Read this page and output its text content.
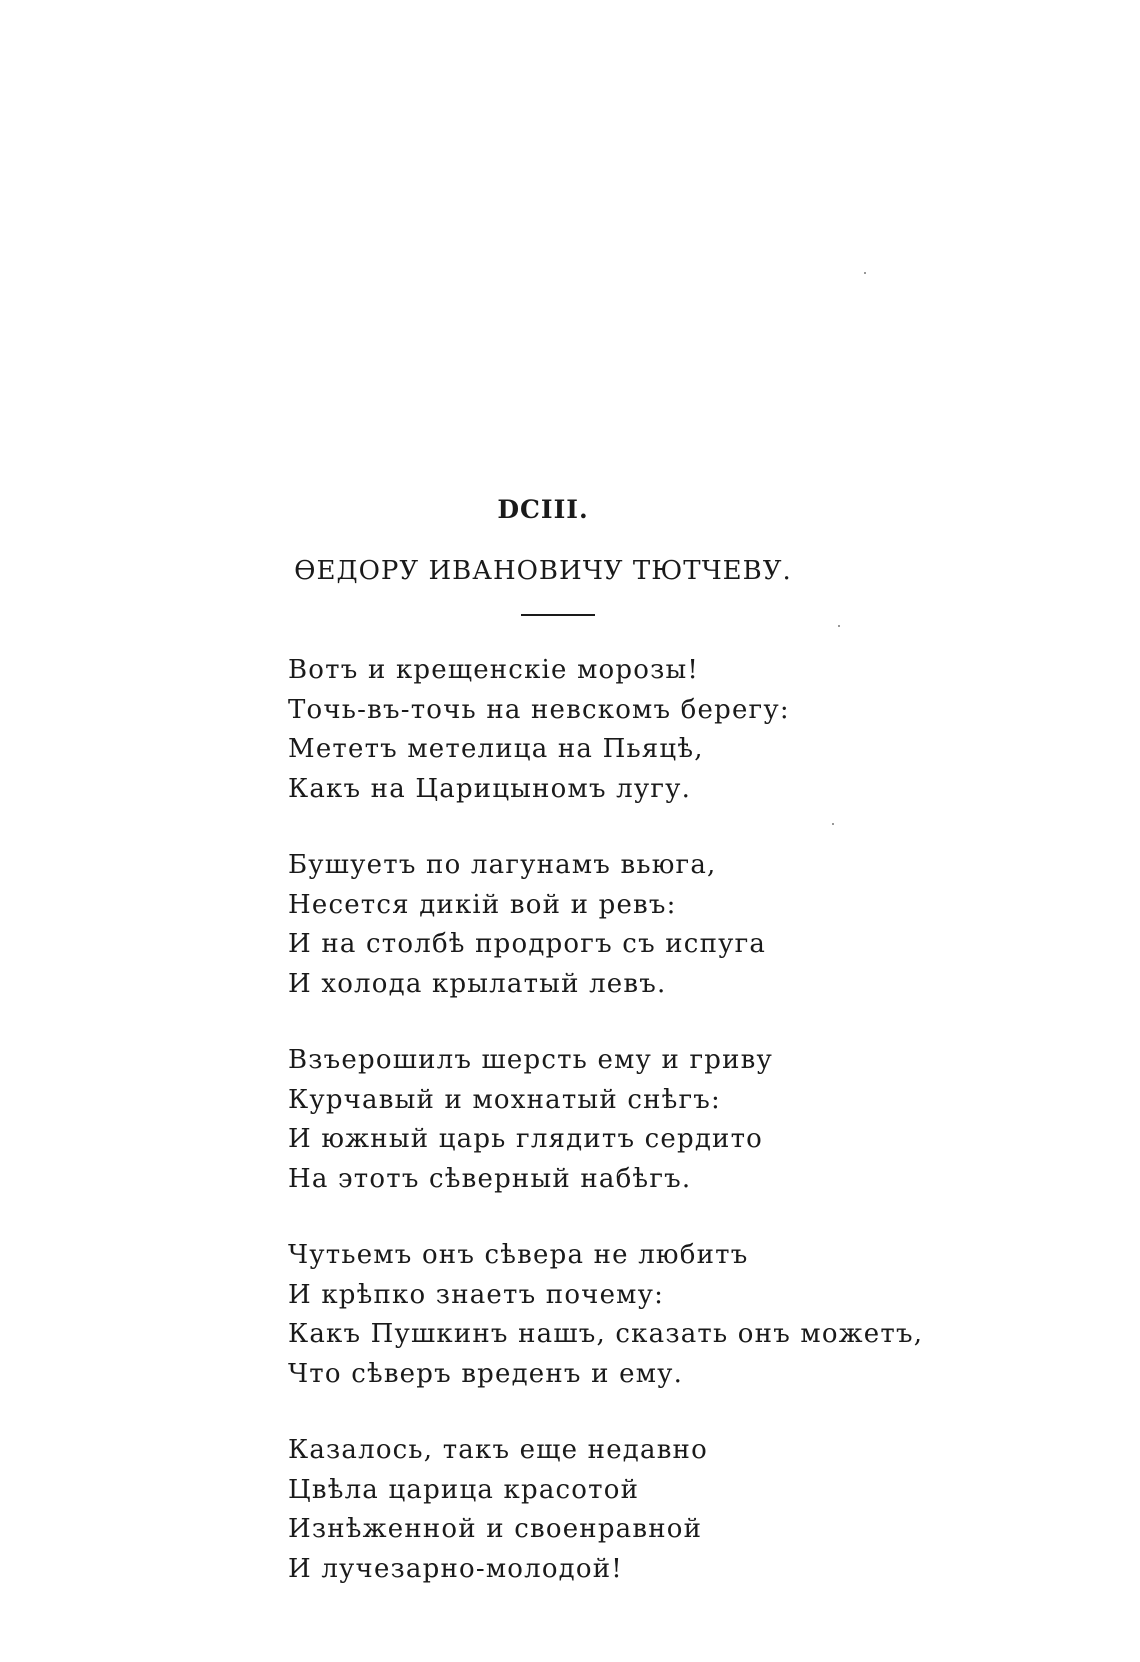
DCIII.
ӨЕДОРУ ИВАНОВИЧУ ТЮТЧЕВУ.
Вотъ и крещенскіе морозы!
Точь-въ-точь на невскомъ берегу:
Мететъ метелица на Пьяцѣ,
Какъ на Царицыномъ лугу.
Бушуетъ по лагунамъ вьюга,
Несется дикій вой и ревъ:
И на столбѣ продрогъ съ испуга
И холода крылатый левъ.
Взъерошилъ шерсть ему и гриву
Курчавый и мохнатый снѣгъ:
И южный царь глядитъ сердито
На этотъ сѣверный набѣгъ.
Чутьемъ онъ сѣвера не любитъ
И крѣпко знаетъ почему:
Какъ Пушкинъ нашъ, сказать онъ можетъ,
Что сѣверъ вреденъ и ему.
Казалось, такъ еще недавно
Цвѣла царица красотой
Изнѣженной и своенравной
И лучезарно-молодой!
